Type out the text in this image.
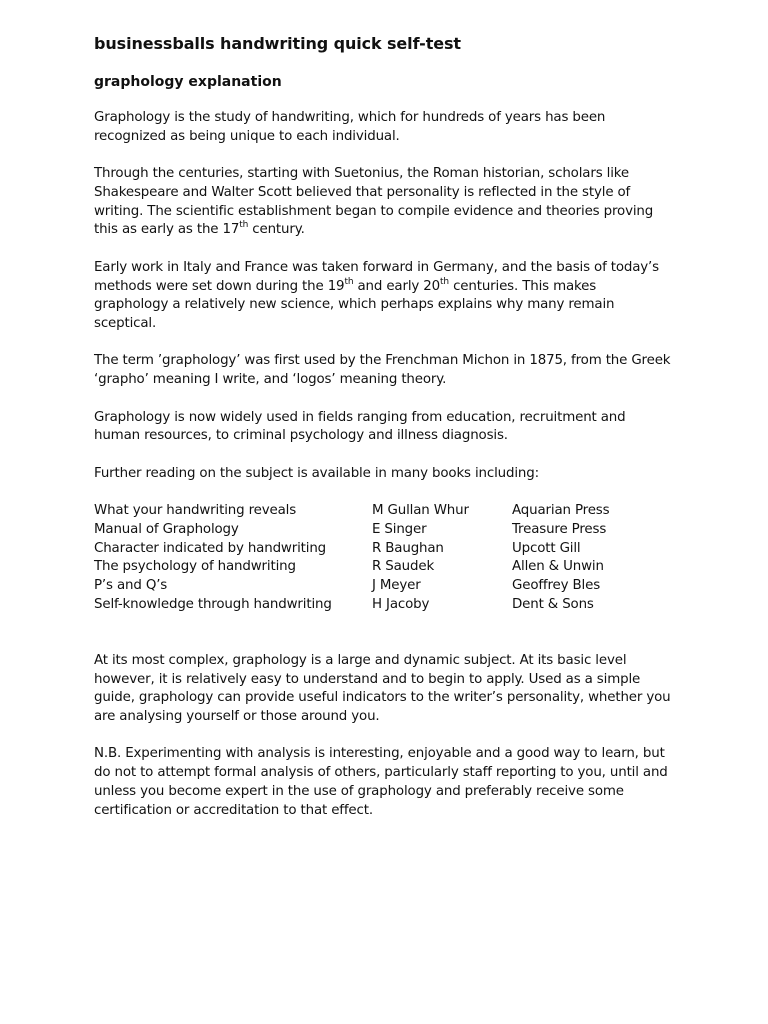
businessballs handwriting quick self-test
graphology explanation

Graphology is the study of handwriting, which for hundreds of years has been recognized as being unique to each individual.

Through the centuries, starting with Suetonius, the Roman historian, scholars like Shakespeare and Walter Scott believed that personality is reflected in the style of writing. The scientific establishment began to compile evidence and theories proving this as early as the 17th century.

Early work in Italy and France was taken forward in Germany, and the basis of today’s methods were set down during the 19th and early 20th centuries. This makes graphology a relatively new science, which perhaps explains why many remain sceptical.

The term ’graphology’ was first used by the Frenchman Michon in 1875, from the Greek ‘grapho’ meaning I write, and ‘logos’ meaning theory.

Graphology is now widely used in fields ranging from education, recruitment and human resources, to criminal psychology and illness diagnosis.

Further reading on the subject is available in many books including:

What your handwriting reveals	M Gullan Whur	Aquarian Press
Manual of Graphology	E Singer	Treasure Press
Character indicated by handwriting	R Baughan	Upcott Gill
The psychology of handwriting	R Saudek	Allen & Unwin
P’s and Q’s	J Meyer	Geoffrey Bles
Self-knowledge through handwriting	H Jacoby	Dent & Sons

At its most complex, graphology is a large and dynamic subject. At its basic level however, it is relatively easy to understand and to begin to apply. Used as a simple guide, graphology can provide useful indicators to the writer’s personality, whether you are analysing yourself or those around you.

N.B. Experimenting with analysis is interesting, enjoyable and a good way to learn, but do not to attempt formal analysis of others, particularly staff reporting to you, until and unless you become expert in the use of graphology and preferably receive some certification or accreditation to that effect.
